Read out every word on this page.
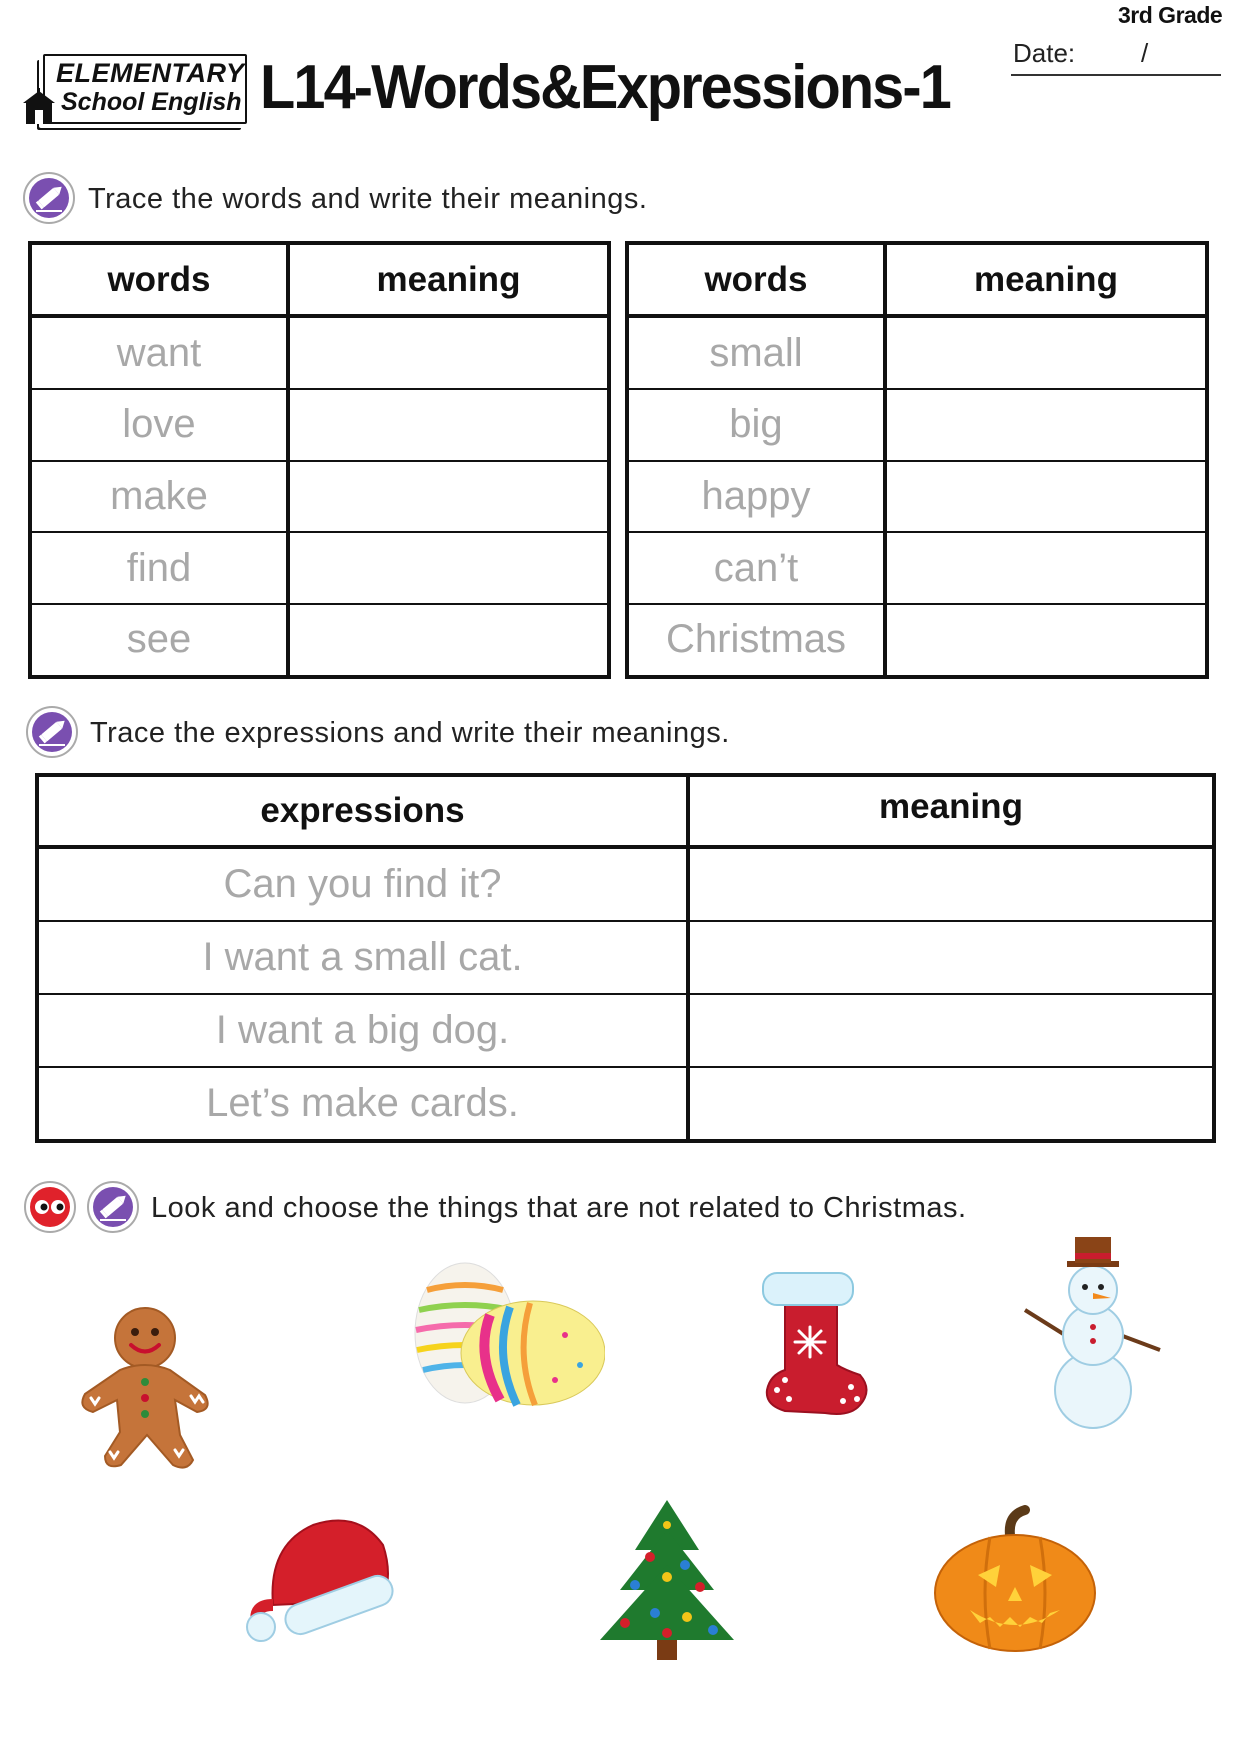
3rd Grade
Date:	/
ELEMENTARY
School English L14-Words&Expressions-1
Trace the words and write their meanings.
words	meaning
want	
love	
make	
find	
see	
words	meaning
small	
big	
happy	
can’t	
Christmas	
Trace the expressions and write their meanings.
expressions	meaning
Can you find it?	
I want a small cat.	
I want a big dog.	
Let’s make cards.	
Look and choose the things that are not related to Christmas.
